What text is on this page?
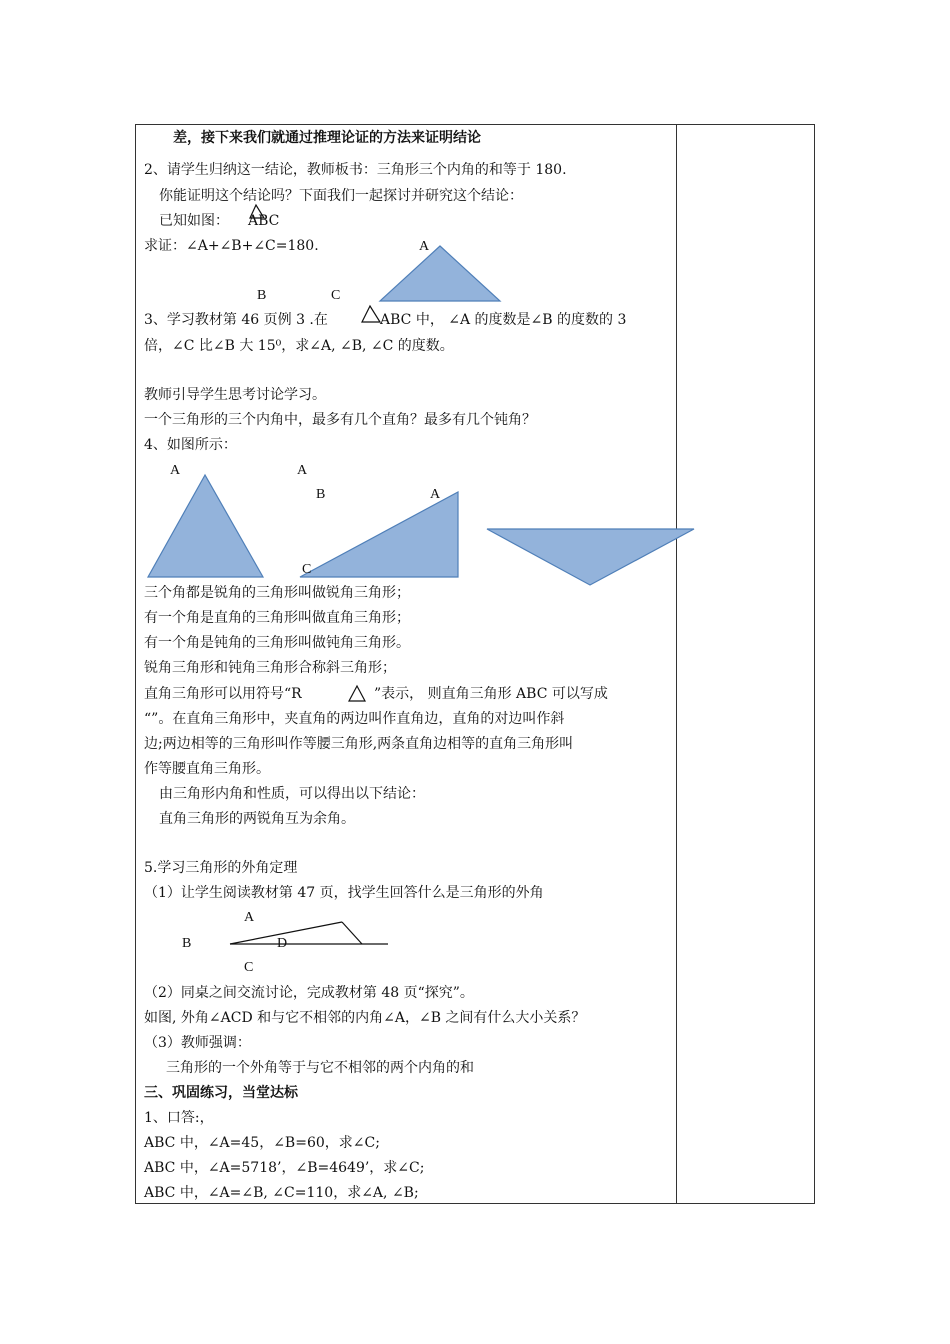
差，接下来我们就通过推理论证的方法来证明结论
2、请学生归纳这一结论，教师板书：三角形三个内角的和等于 180.
你能证明这个结论吗？下面我们一起探讨并研究这个结论：
已知如图： ABC
求证：∠A+∠B+∠C=180.
3、学习教材第 46 页例 3 .在	ABC 中， ∠A 的度数是∠B 的度数的 3
倍，∠C 比∠B 大 15⁰，求∠A, ∠B, ∠C 的度数。
教师引导学生思考讨论学习。
一个三角形的三个内角中，最多有几个直角？最多有几个钝角？
4、如图所示：
三个角都是锐角的三角形叫做锐角三角形；
有一个角是直角的三角形叫做直角三角形；
有一个角是钝角的三角形叫做钝角三角形。
锐角三角形和钝角三角形合称斜三角形；
直角三角形可以用符号“R	”表示， 则直角三角形 ABC 可以写成
“”。在直角三角形中，夹直角的两边叫作直角边，直角的对边叫作斜
边;两边相等的三角形叫作等腰三角形,两条直角边相等的直角三角形叫
作等腰直角三角形。
由三角形内角和性质，可以得出以下结论：
直角三角形的两锐角互为余角。
5.学习三角形的外角定理
（1）让学生阅读教材第 47 页，找学生回答什么是三角形的外角
（2）同桌之间交流讨论，完成教材第 48 页“探究”。
如图, 外角∠ACD 和与它不相邻的内角∠A，∠B 之间有什么大小关系？
（3）教师强调：
三角形的一个外角等于与它不相邻的两个内角的和
三、巩固练习，当堂达标
1、口答:，
ABC 中，∠A=45，∠B=60，求∠C;
ABC 中，∠A=5718’，∠B=4649’，求∠C;
ABC 中，∠A=∠B, ∠C=110，求∠A, ∠B;
A
B	C
A	A
B	A
C
A
B	D
C
